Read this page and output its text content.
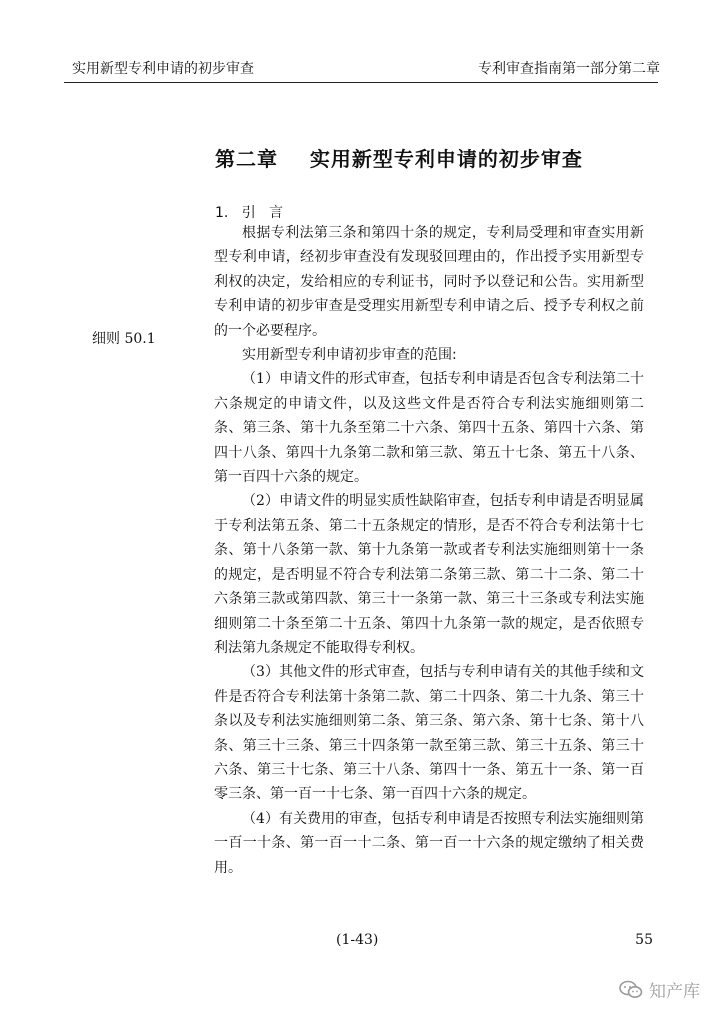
实用新型专利申请的初步审查	专利审查指南第一部分第二章
第二章    实用新型专利申请的初步审查
1.   引   言
细则 50.1

根据专利法第三条和第四十条的规定，专利局受理和审查实用新型专利申请，经初步审查没有发现驳回理由的，作出授予实用新型专利权的决定，发给相应的专利证书，同时予以登记和公告。实用新型专利申请的初步审查是受理实用新型专利申请之后、授予专利权之前的一个必要程序。

实用新型专利申请初步审查的范围:

（1）申请文件的形式审查，包括专利申请是否包含专利法第二十六条规定的申请文件，以及这些文件是否符合专利法实施细则第二条、第三条、第十九条至第二十六条、第四十五条、第四十六条、第四十八条、第四十九条第二款和第三款、第五十七条、第五十八条、第一百四十六条的规定。

（2）申请文件的明显实质性缺陷审查，包括专利申请是否明显属于专利法第五条、第二十五条规定的情形，是否不符合专利法第十七条、第十八条第一款、第十九条第一款或者专利法实施细则第十一条的规定，是否明显不符合专利法第二条第三款、第二十二条、第二十六条第三款或第四款、第三十一条第一款、第三十三条或专利法实施细则第二十条至第二十五条、第四十九条第一款的规定，是否依照专利法第九条规定不能取得专利权。

（3）其他文件的形式审查，包括与专利申请有关的其他手续和文件是否符合专利法第十条第二款、第二十四条、第二十九条、第三十条以及专利法实施细则第二条、第三条、第六条、第十七条、第十八条、第三十三条、第三十四条第一款至第三款、第三十五条、第三十六条、第三十七条、第三十八条、第四十一条、第五十一条、第一百零三条、第一百一十七条、第一百四十六条的规定。

（4）有关费用的审查，包括专利申请是否按照专利法实施细则第一百一十条、第一百一十二条、第一百一十六条的规定缴纳了相关费用。

(1-43)	55
知产库
